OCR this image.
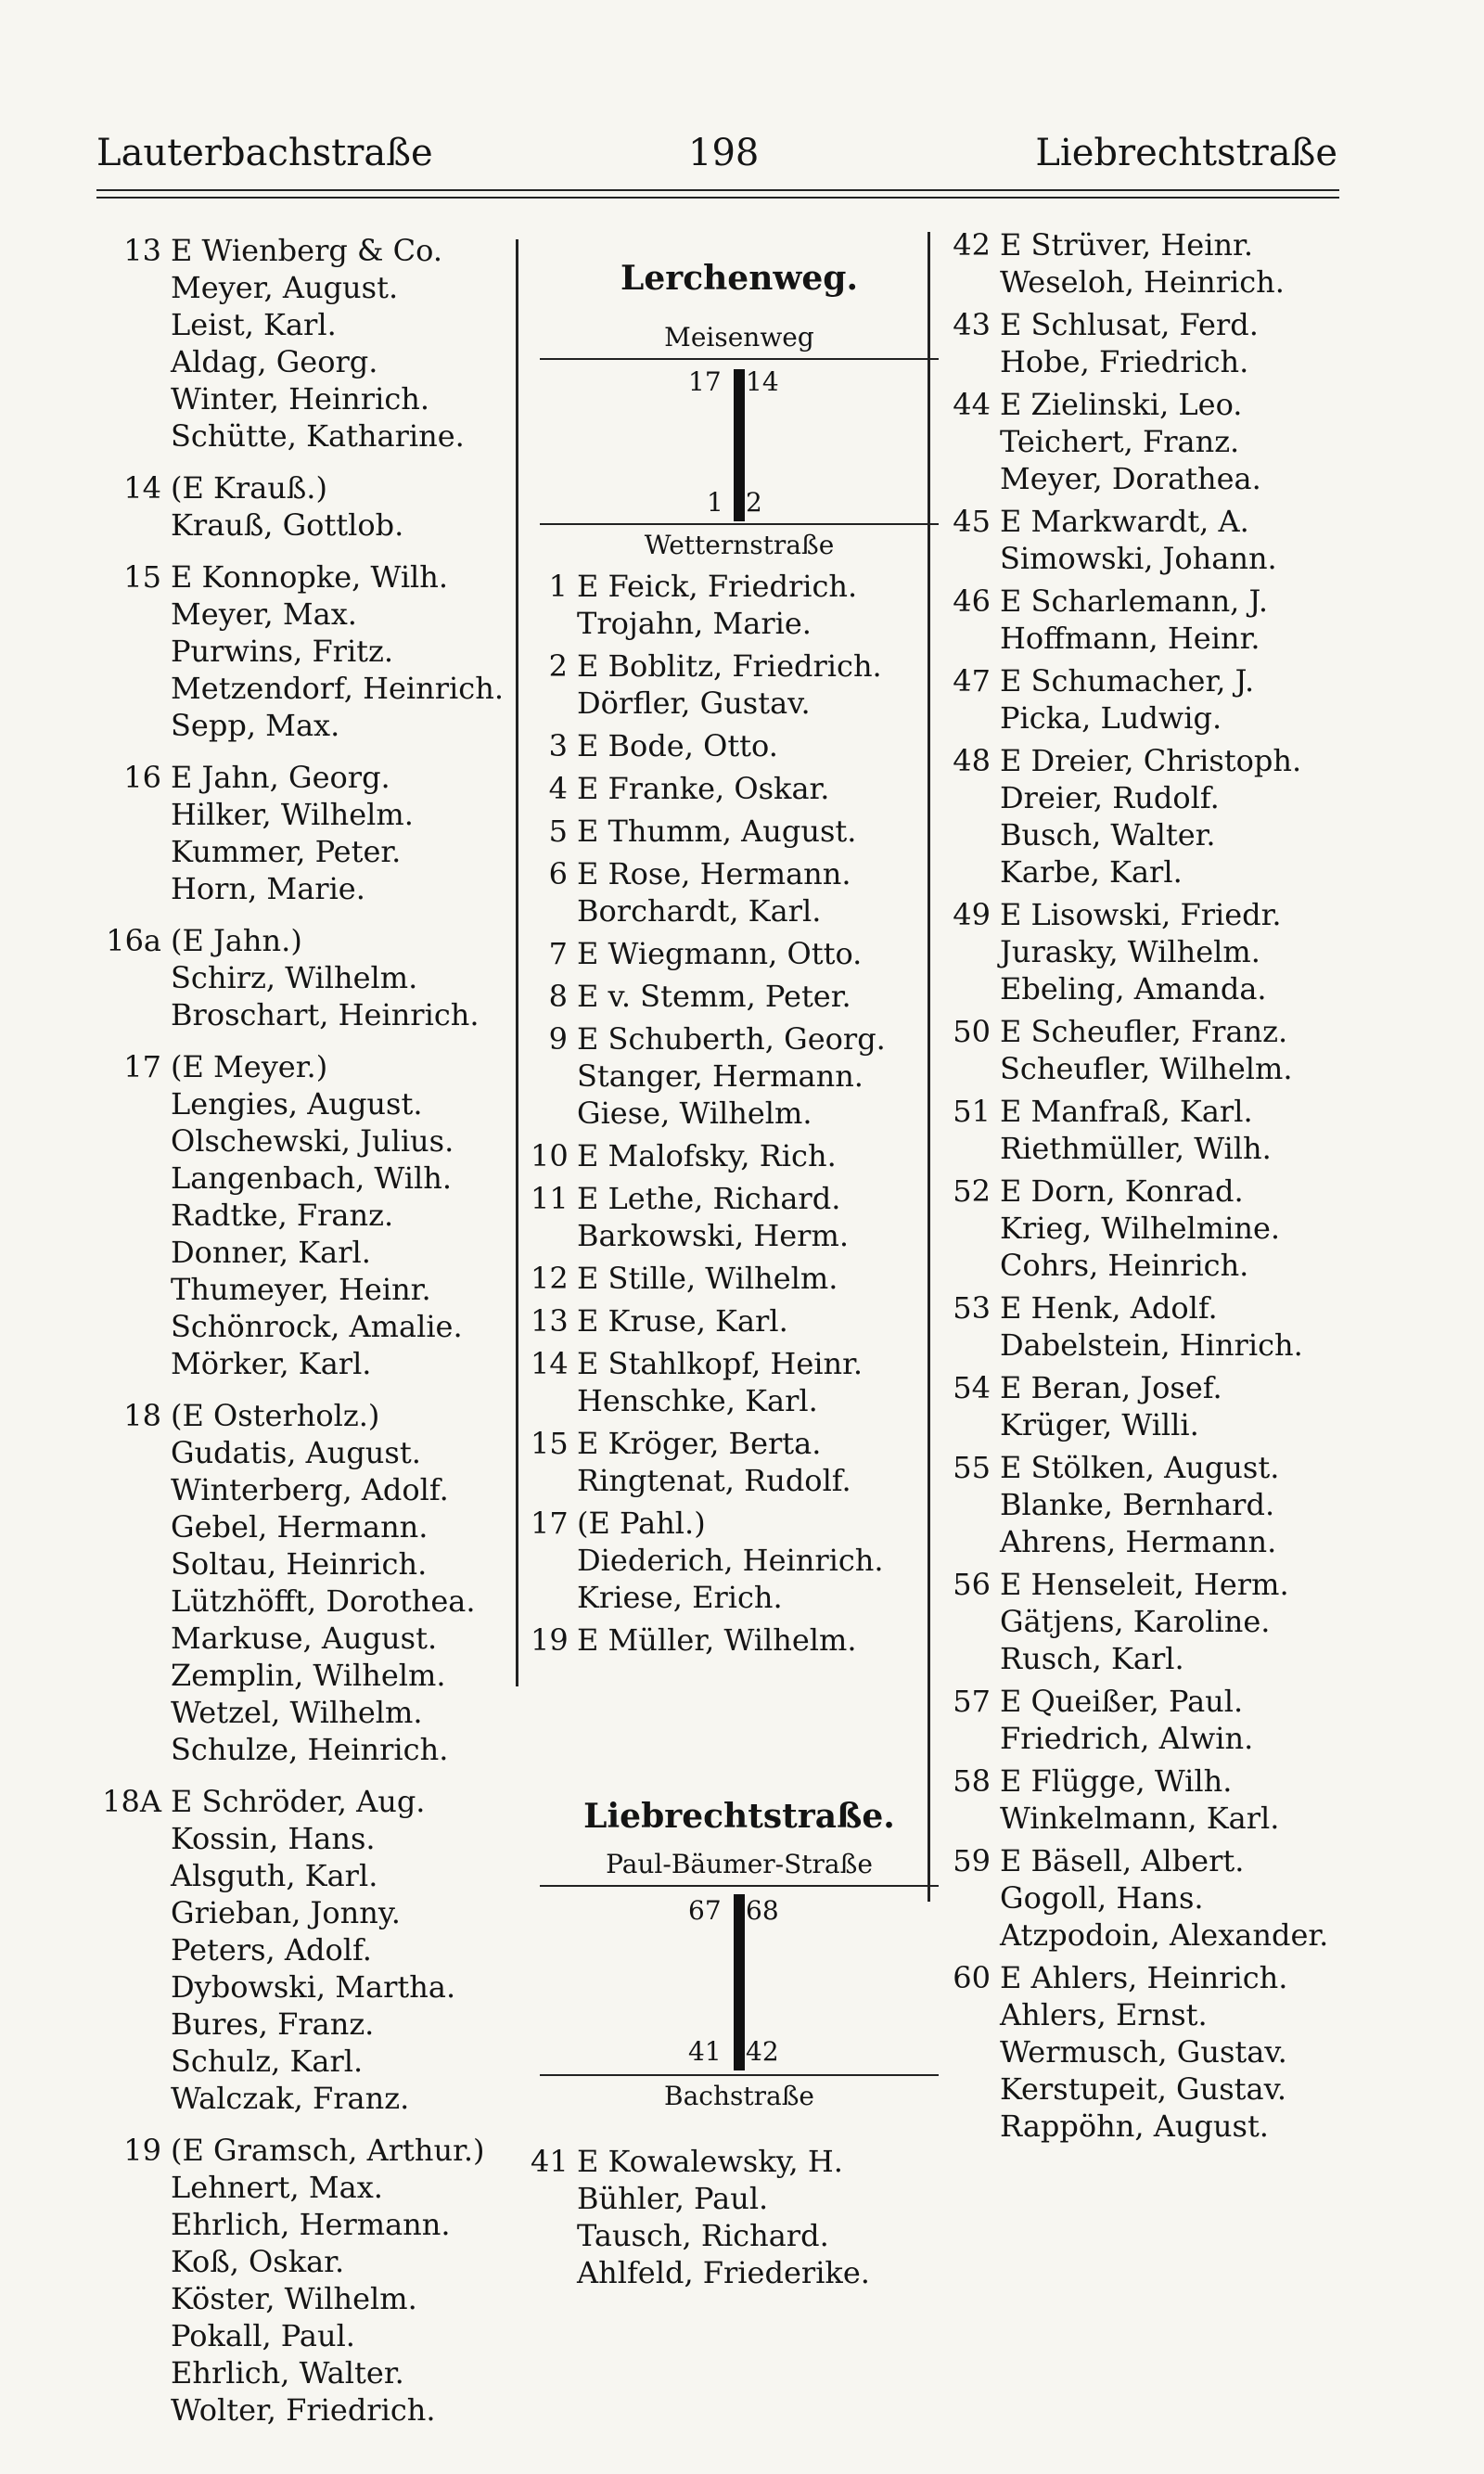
Lauterbachstraße	198	Liebrechtstraße
13 E Wienberg & Co.
Meyer, August.
Leist, Karl.
Aldag, Georg.
Winter, Heinrich.
Schütte, Katharine.
14 (E Krauß.)
Krauß, Gottlob.
15 E Konnopke, Wilh.
Meyer, Max.
Purwins, Fritz.
Metzendorf, Heinrich.
Sepp, Max.
16 E Jahn, Georg.
Hilker, Wilhelm.
Kummer, Peter.
Horn, Marie.
16a (E Jahn.)
Schirz, Wilhelm.
Broschart, Heinrich.
17 (E Meyer.)
Lengies, August.
Olschewski, Julius.
Langenbach, Wilh.
Radtke, Franz.
Donner, Karl.
Thumeyer, Heinr.
Schönrock, Amalie.
Mörker, Karl.
18 (E Osterholz.)
Gudatis, August.
Winterberg, Adolf.
Gebel, Hermann.
Soltau, Heinrich.
Lützhöfft, Dorothea.
Markuse, August.
Zemplin, Wilhelm.
Wetzel, Wilhelm.
Schulze, Heinrich.
18A E Schröder, Aug.
Kossin, Hans.
Alsguth, Karl.
Grieban, Jonny.
Peters, Adolf.
Dybowski, Martha.
Bures, Franz.
Schulz, Karl.
Walczak, Franz.
19 (E Gramsch, Arthur.)
Lehnert, Max.
Ehrlich, Hermann.
Koß, Oskar.
Köster, Wilhelm.
Pokall, Paul.
Ehrlich, Walter.
Wolter, Friedrich.
Lerchenweg.
Meisenweg
17 14
1 2
Wetternstraße
1 E Feick, Friedrich.
Trojahn, Marie.
2 E Boblitz, Friedrich.
Dörfler, Gustav.
3 E Bode, Otto.
4 E Franke, Oskar.
5 E Thumm, August.
6 E Rose, Hermann.
Borchardt, Karl.
7 E Wiegmann, Otto.
8 E v. Stemm, Peter.
9 E Schuberth, Georg.
Stanger, Hermann.
Giese, Wilhelm.
10 E Malofsky, Rich.
11 E Lethe, Richard.
Barkowski, Herm.
12 E Stille, Wilhelm.
13 E Kruse, Karl.
14 E Stahlkopf, Heinr.
Henschke, Karl.
15 E Kröger, Berta.
Ringtenat, Rudolf.
17 (E Pahl.)
Diederich, Heinrich.
Kriese, Erich.
19 E Müller, Wilhelm.
Liebrechtstraße.
Paul-Bäumer-Straße
67 68
41 42
Bachstraße
41 E Kowalewsky, H.
Bühler, Paul.
Tausch, Richard.
Ahlfeld, Friederike.
42 E Strüver, Heinr.
Weseloh, Heinrich.
43 E Schlusat, Ferd.
Hobe, Friedrich.
44 E Zielinski, Leo.
Teichert, Franz.
Meyer, Dorathea.
45 E Markwardt, A.
Simowski, Johann.
46 E Scharlemann, J.
Hoffmann, Heinr.
47 E Schumacher, J.
Picka, Ludwig.
48 E Dreier, Christoph.
Dreier, Rudolf.
Busch, Walter.
Karbe, Karl.
49 E Lisowski, Friedr.
Jurasky, Wilhelm.
Ebeling, Amanda.
50 E Scheufler, Franz.
Scheufler, Wilhelm.
51 E Manfraß, Karl.
Riethmüller, Wilh.
52 E Dorn, Konrad.
Krieg, Wilhelmine.
Cohrs, Heinrich.
53 E Henk, Adolf.
Dabelstein, Hinrich.
54 E Beran, Josef.
Krüger, Willi.
55 E Stölken, August.
Blanke, Bernhard.
Ahrens, Hermann.
56 E Henseleit, Herm.
Gätjens, Karoline.
Rusch, Karl.
57 E Queißer, Paul.
Friedrich, Alwin.
58 E Flügge, Wilh.
Winkelmann, Karl.
59 E Bäsell, Albert.
Gogoll, Hans.
Atzpodoin, Alexander.
60 E Ahlers, Heinrich.
Ahlers, Ernst.
Wermusch, Gustav.
Kerstupeit, Gustav.
Rappöhn, August.
